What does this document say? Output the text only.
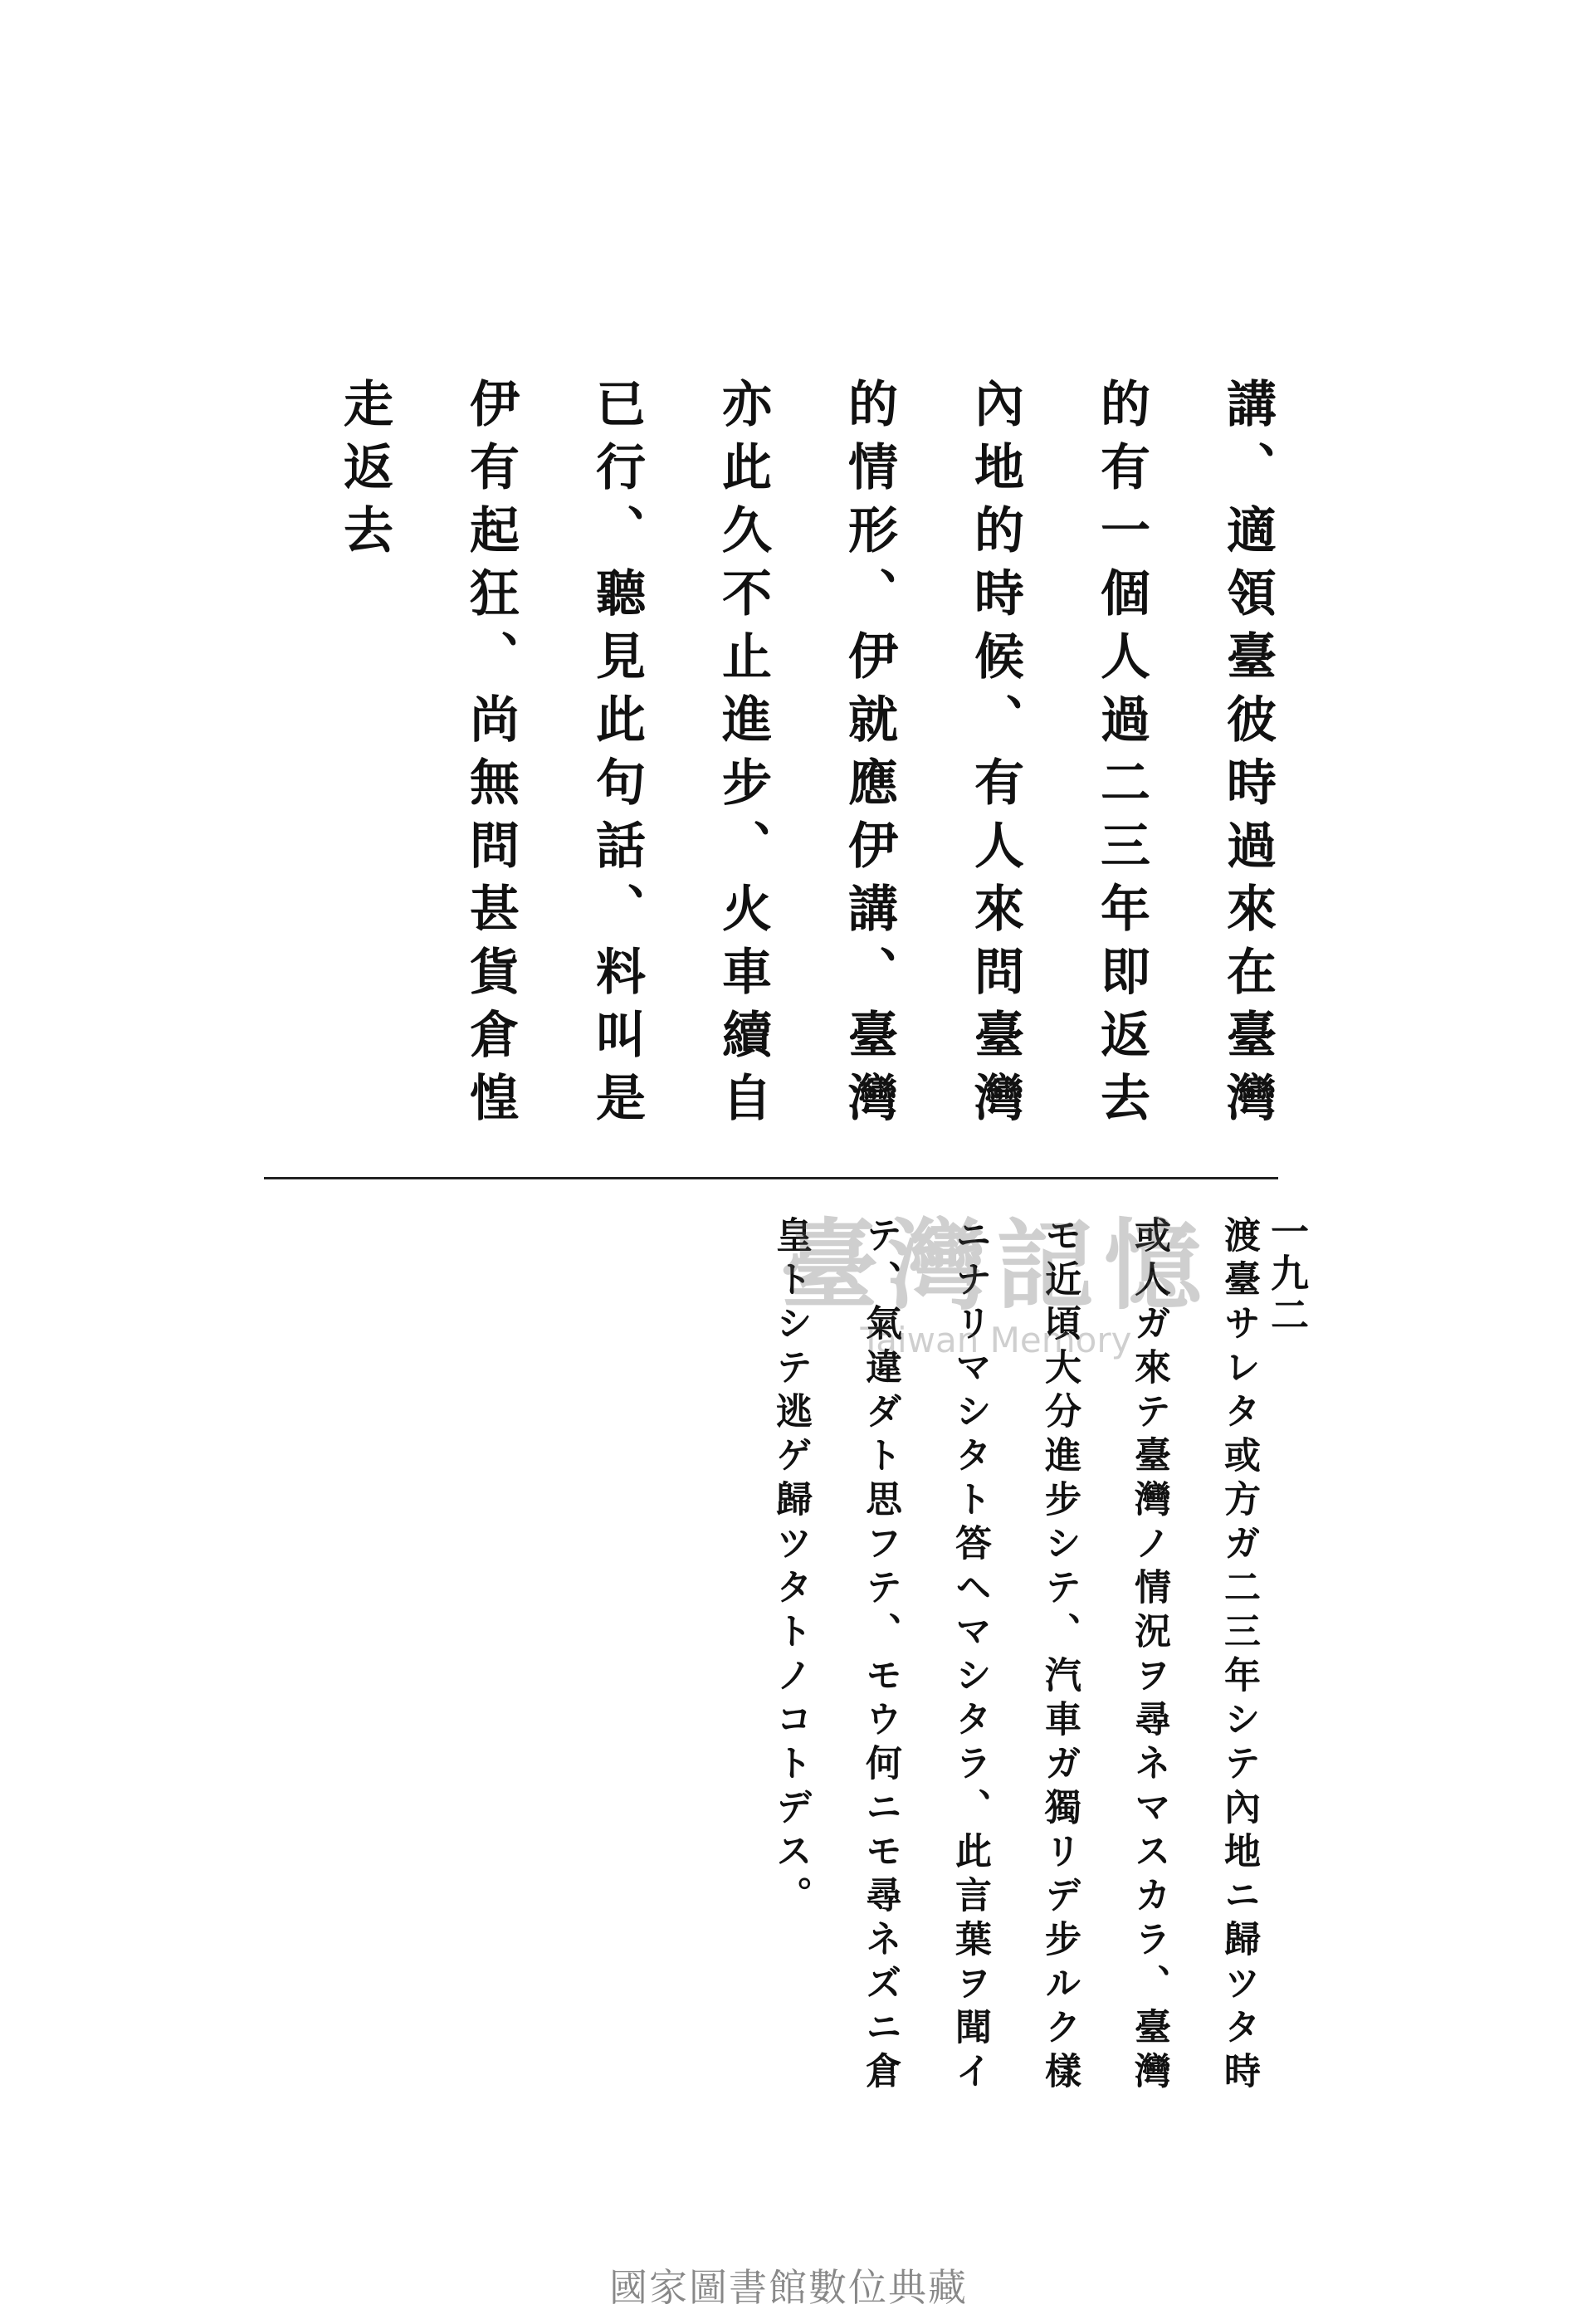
一九二
講、適領臺彼時過來在臺灣
的有一個人過二三年即返去
內地的時候、有人來問臺灣
的情形、伊就應伊講、臺灣
亦此久不止進步、火車續自
已行、聽見此句話、料叫是
伊有起狂、尚無問甚貨倉惶
走返去
渡臺サレタ或方ガ二三年シテ內地ニ歸ツタ時
或人ガ來テ臺灣ノ情況ヲ尋ネマスカラ、臺灣
モ近頃大分進步シテ、汽車ガ獨リデ步ルク樣
ニナリマシタト答ヘマシタラ、此言葉ヲ聞イ
テ、氣違ダト思フテ、モウ何ニモ尋ネズニ倉
皇トシテ逃ゲ歸ツタトノコトデス。
臺灣記憶
Taiwan Memory
國家圖書館數位典藏
